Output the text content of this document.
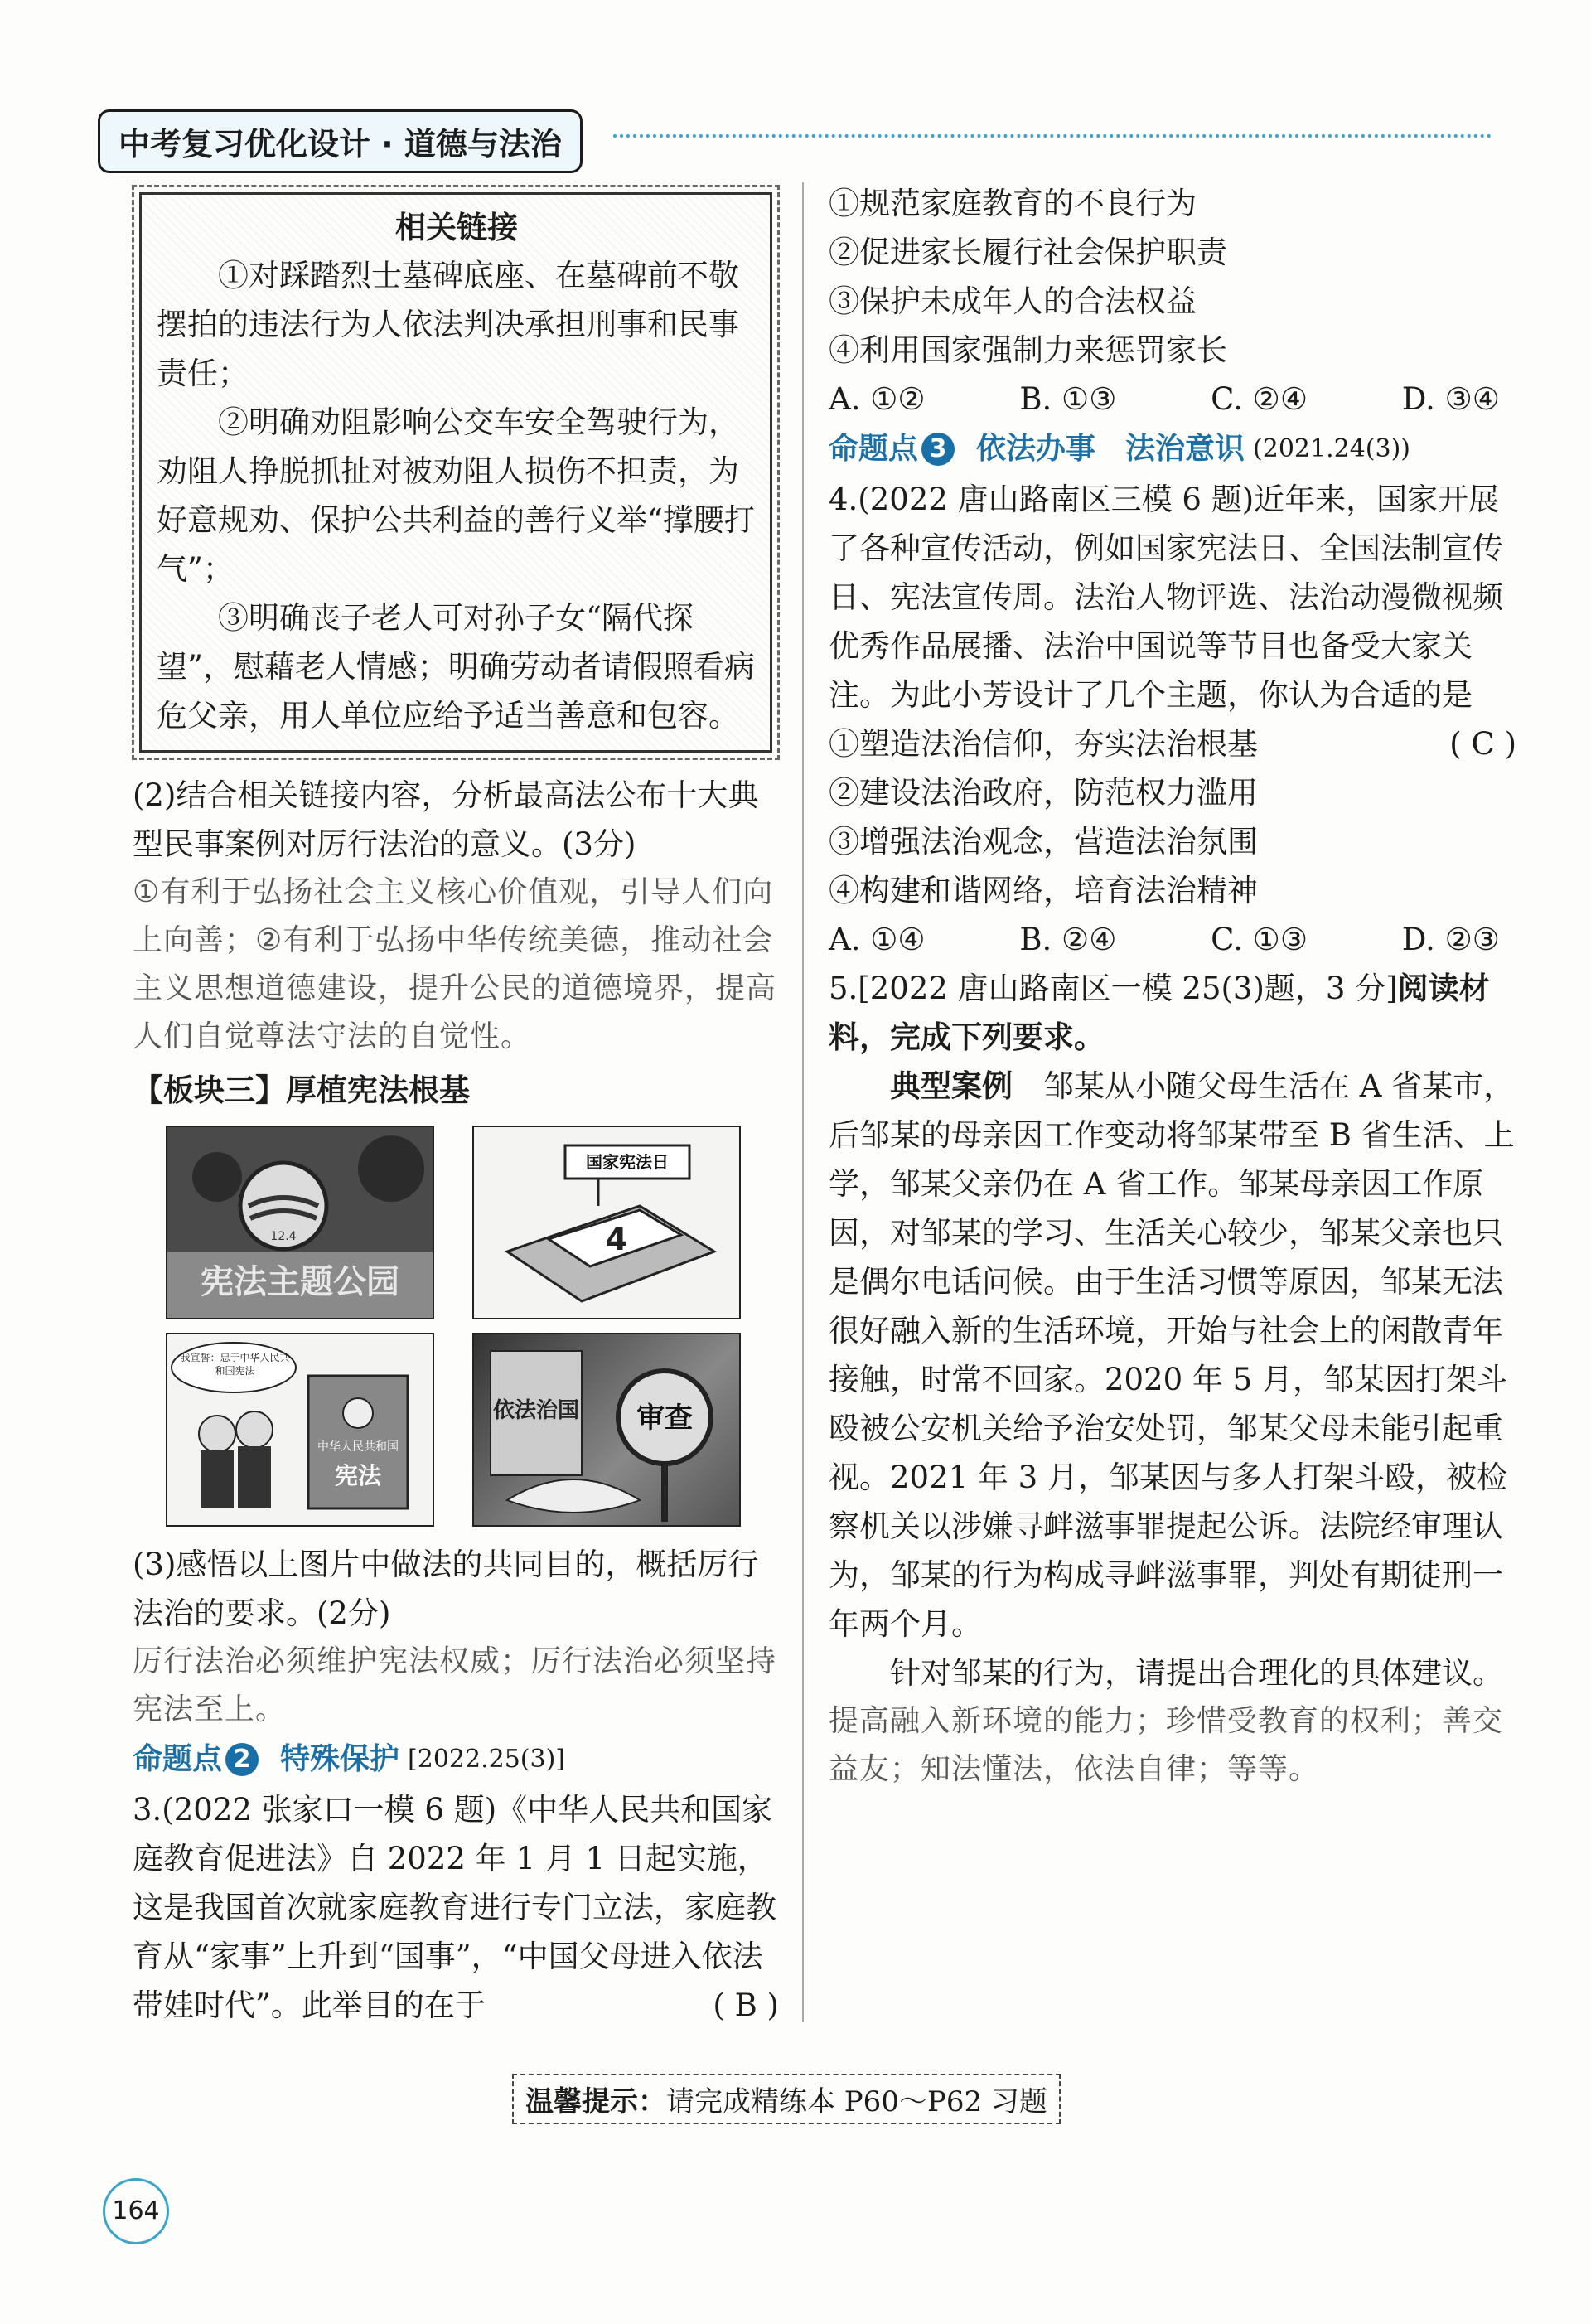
中考复习优化设计 · 道德与法治
相关链接

①对踩踏烈士墓碑底座、在墓碑前不敬摆拍的违法行为人依法判决承担刑事和民事责任；

②明确劝阻影响公交车安全驾驶行为，劝阻人挣脱抓扯对被劝阻人损伤不担责，为好意规劝、保护公共利益的善行义举“撑腰打气”；

③明确丧子老人可对孙子女“隔代探望”，慰藉老人情感；明确劳动者请假照看病危父亲，用人单位应给予适当善意和包容。

(2)结合相关链接内容，分析最高法公布十大典型民事案例对厉行法治的意义。(3分)

①有利于弘扬社会主义核心价值观，引导人们向上向善；②有利于弘扬中华传统美德，推动社会主义思想道德建设，提升公民的道德境界，提高人们自觉尊法守法的自觉性。

【板块三】厚植宪法根基

12.4
宪法主题公园
国家宪法日
4
我宣誓：忠于中华人民共和国宪法
中华人民共和国
宪法
依法治国 审查

(3)感悟以上图片中做法的共同目的，概括厉行法治的要求。(2分)

厉行法治必须维护宪法权威；厉行法治必须坚持宪法至上。

命题点 2 特殊保护 [2022.25(3)]

3.(2022 张家口一模 6 题)《中华人民共和国家庭教育促进法》自 2022 年 1 月 1 日起实施，这是我国首次就家庭教育进行专门立法，家庭教育从“家事”上升到“国事”，“中国父母进入依法带娃时代”。此举目的在于	( B )

①规范家庭教育的不良行为

②促进家长履行社会保护职责

③保护未成年人的合法权益

④利用国家强制力来惩罚家长

A. ①②	B. ①③	C. ②④	D. ③④
命题点 3 依法办事　法治意识 (2021.24(3))

4.(2022 唐山路南区三模 6 题)近年来，国家开展了各种宣传活动，例如国家宪法日、全国法制宣传日、宪法宣传周。法治人物评选、法治动漫微视频优秀作品展播、法治中国说等节目也备受大家关注。为此小芳设计了几个主题，你认为合适的是
( C )

①塑造法治信仰，夯实法治根基

②建设法治政府，防范权力滥用

③增强法治观念，营造法治氛围

④构建和谐网络，培育法治精神

A. ①④	B. ②④	C. ①③	D. ②③

5.[2022 唐山路南区一模 25(3)题，3 分]阅读材料，完成下列要求。

典型案例　邹某从小随父母生活在 A 省某市，后邹某的母亲因工作变动将邹某带至 B 省生活、上学，邹某父亲仍在 A 省工作。邹某母亲因工作原因，对邹某的学习、生活关心较少，邹某父亲也只是偶尔电话问候。由于生活习惯等原因，邹某无法很好融入新的生活环境，开始与社会上的闲散青年接触，时常不回家。2020 年 5 月，邹某因打架斗殴被公安机关给予治安处罚，邹某父母未能引起重视。2021 年 3 月，邹某因与多人打架斗殴，被检察机关以涉嫌寻衅滋事罪提起公诉。法院经审理认为，邹某的行为构成寻衅滋事罪，判处有期徒刑一年两个月。

针对邹某的行为，请提出合理化的具体建议。

提高融入新环境的能力；珍惜受教育的权利；善交益友；知法懂法，依法自律；等等。

温馨提示：请完成精练本 P60～P62 习题
164
